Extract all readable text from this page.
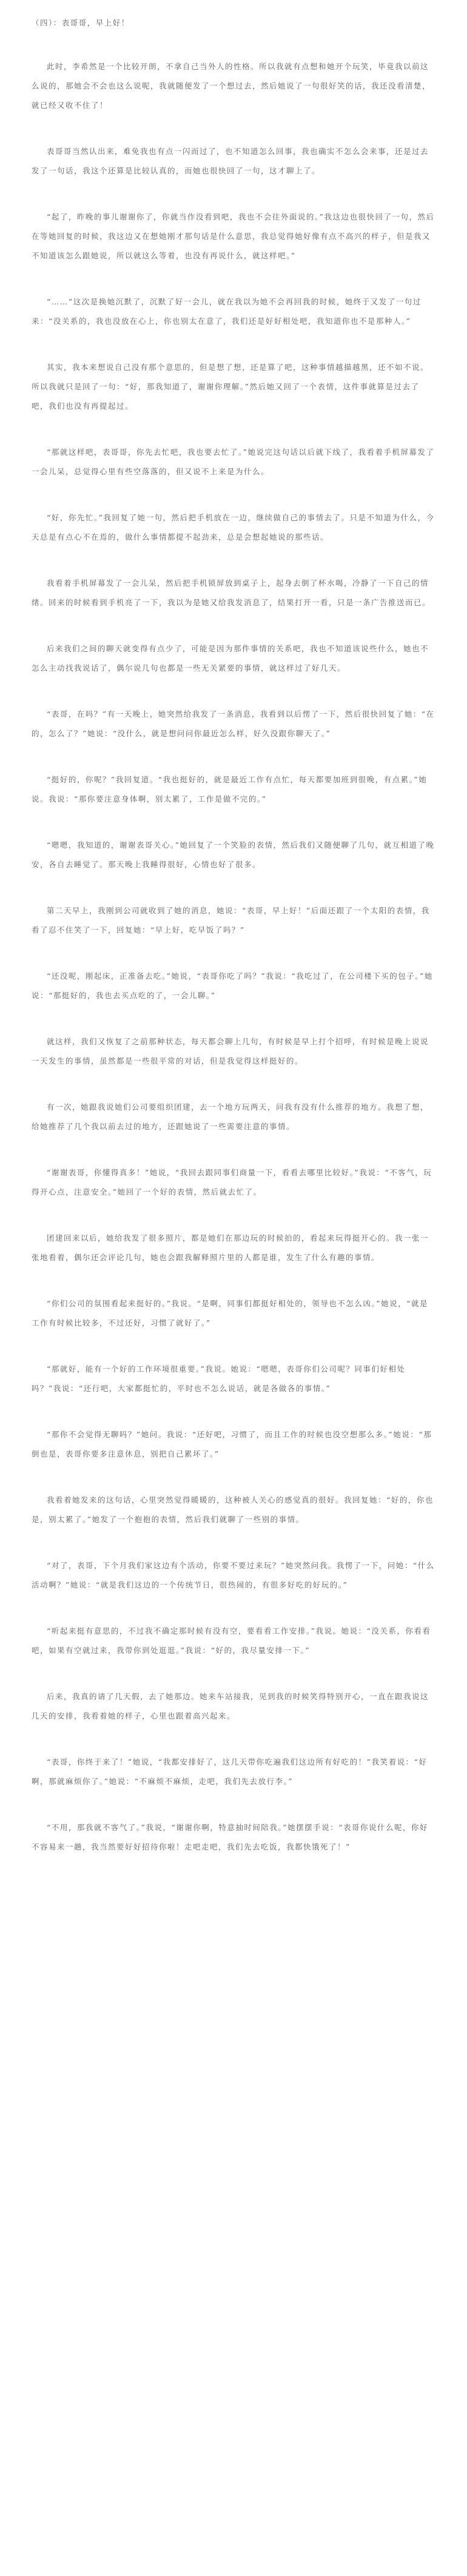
（四）：表哥哥，早上好！

此时，李希然是一个比较开朗，不拿自己当外人的性格。所以我就有点想和她开个玩笑，毕竟我以前这么说的，那她会不会也这么说呢，我就随便发了一个想过去，然后她说了一句很好笑的话，我还没看清楚，就已经又收不住了！

表哥哥当然认出来，难免我也有点一闪而过了，也不知道怎么回事，我也确实不怎么会来事，还是过去发了一句话，我这个还算是比较认真的，而她也很快回了一句，这才聊上了。

“起了，昨晚的事儿谢谢你了，你就当作没看到吧，我也不会往外面说的。”我这边也很快回了一句，然后在等她回复的时候，我这边又在想她刚才那句话是什么意思，我总觉得她好像有点不高兴的样子，但是我又不知道该怎么跟她说，所以就这么等着，也没有再说什么，就这样吧。”

“……”这次是换她沉默了，沉默了好一会儿，就在我以为她不会再回我的时候，她终于又发了一句过来：“没关系的，我也没放在心上，你也别太在意了，我们还是好好相处吧，我知道你也不是那种人。”

其实，我本来想说自己没有那个意思的，但是想了想，还是算了吧，这种事情越描越黑，还不如不说。所以我就只是回了一句：“好，那我知道了，谢谢你理解。”然后她又回了一个表情，这件事就算是过去了吧，我们也没有再提起过。

“那就这样吧，表哥哥，你先去忙吧，我也要去忙了。”她说完这句话以后就下线了，我看着手机屏幕发了一会儿呆，总觉得心里有些空落落的，但又说不上来是为什么。

“好，你先忙。”我回复了她一句，然后把手机放在一边，继续做自己的事情去了。只是不知道为什么，今天总是有点心不在焉的，做什么事情都提不起劲来，总是会想起她说的那些话。

我看着手机屏幕发了一会儿呆，然后把手机锁屏放到桌子上，起身去倒了杯水喝，冷静了一下自己的情绪。回来的时候看到手机亮了一下，我以为是她又给我发消息了，结果打开一看，只是一条广告推送而已。

后来我们之间的聊天就变得有点少了，可能是因为那件事情的关系吧，我也不知道该说些什么，她也不怎么主动找我说话了，偶尔说几句也都是一些无关紧要的事情，就这样过了好几天。

“表哥，在吗？”有一天晚上，她突然给我发了一条消息，我看到以后愣了一下，然后很快回复了她：“在的，怎么了？”她说：“没什么，就是想问问你最近怎么样，好久没跟你聊天了。”

“挺好的，你呢？”我回复道。“我也挺好的，就是最近工作有点忙，每天都要加班到很晚，有点累。”她说。我说：“那你要注意身体啊，别太累了，工作是做不完的。”

“嗯嗯，我知道的，谢谢表哥关心。”她回复了一个笑脸的表情，然后我们又随便聊了几句，就互相道了晚安，各自去睡觉了。那天晚上我睡得很好，心情也好了很多。

第二天早上，我刚到公司就收到了她的消息，她说：“表哥，早上好！”后面还跟了一个太阳的表情，我看了忍不住笑了一下，回复她：“早上好，吃早饭了吗？”

“还没呢，刚起床，正准备去吃。”她说，“表哥你吃了吗？”我说：“我吃过了，在公司楼下买的包子。”她说：“那挺好的，我也去买点吃的了，一会儿聊。”

就这样，我们又恢复了之前那种状态，每天都会聊上几句，有时候是早上打个招呼，有时候是晚上说说一天发生的事情，虽然都是一些很平常的对话，但是我觉得这样挺好的。

有一次，她跟我说她们公司要组织团建，去一个地方玩两天，问我有没有什么推荐的地方。我想了想，给她推荐了几个我以前去过的地方，还跟她说了一些需要注意的事情。

“谢谢表哥，你懂得真多！”她说，“我回去跟同事们商量一下，看看去哪里比较好。”我说：“不客气，玩得开心点，注意安全。”她回了一个好的表情，然后就去忙了。

团建回来以后，她给我发了很多照片，都是她们在那边玩的时候拍的，看起来玩得挺开心的。我一张一张地看着，偶尔还会评论几句，她也会跟我解释照片里的人都是谁，发生了什么有趣的事情。

“你们公司的氛围看起来挺好的。”我说。“是啊，同事们都挺好相处的，领导也不怎么凶。”她说，“就是工作有时候比较多，不过还好，习惯了就好了。”

“那就好，能有一个好的工作环境很重要。”我说。她说：“嗯嗯，表哥你们公司呢？同事们好相处吗？”我说：“还行吧，大家都挺忙的，平时也不怎么说话，就是各做各的事情。”

“那你不会觉得无聊吗？”她问。我说：“还好吧，习惯了，而且工作的时候也没空想那么多。”她说：“那倒也是，表哥你要多注意休息，别把自己累坏了。”

我看着她发来的这句话，心里突然觉得暖暖的，这种被人关心的感觉真的很好。我回复她：“好的，你也是，别太累了。”她发了一个抱抱的表情，然后我们就聊了一些别的事情。

“对了，表哥，下个月我们家这边有个活动，你要不要过来玩？”她突然问我。我愣了一下，问她：“什么活动啊？”她说：“就是我们这边的一个传统节日，很热闹的，有很多好吃的好玩的。”

“听起来挺有意思的，不过我不确定那时候有没有空，要看看工作安排。”我说。她说：“没关系，你看看吧，如果有空就过来，我带你到处逛逛。”我说：“好的，我尽量安排一下。”

后来，我真的请了几天假，去了她那边。她来车站接我，见到我的时候笑得特别开心，一直在跟我说这几天的安排，我看着她的样子，心里也跟着高兴起来。

“表哥，你终于来了！”她说，“我都安排好了，这几天带你吃遍我们这边所有好吃的！”我笑着说：“好啊，那就麻烦你了。”她说：“不麻烦不麻烦，走吧，我们先去放行李。”

“不用，那我就不客气了。”我说，“谢谢你啊，特意抽时间陪我。”她摆摆手说：“表哥你说什么呢，你好不容易来一趟，我当然要好好招待你啦！走吧走吧，我们先去吃饭，我都快饿死了！”
